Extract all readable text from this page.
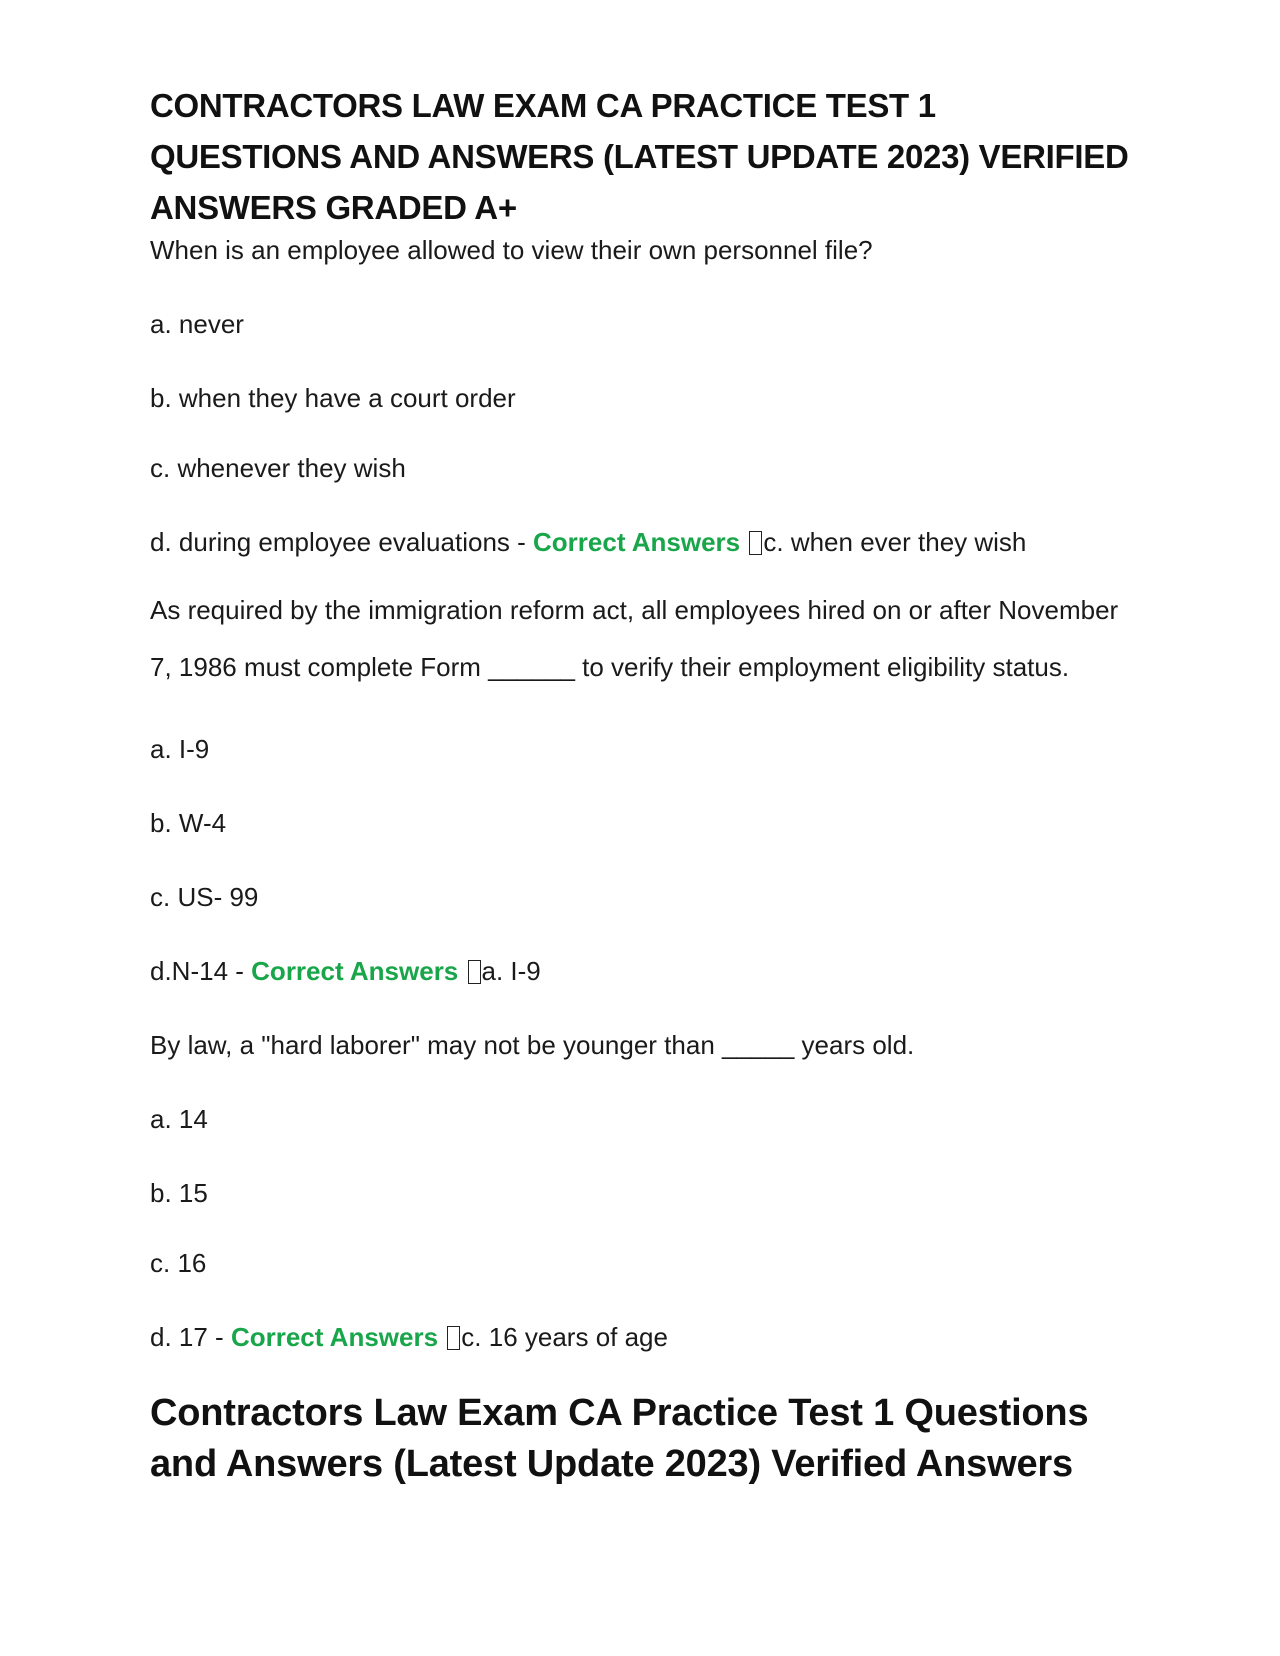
CONTRACTORS LAW EXAM CA PRACTICE TEST 1 QUESTIONS AND ANSWERS (LATEST UPDATE 2023) VERIFIED ANSWERS GRADED A+

When is an employee allowed to view their own personnel file?

a. never

b. when they have a court order

c. whenever they wish

d. during employee evaluations - Correct Answers c. when ever they wish

As required by the immigration reform act, all employees hired on or after November 7, 1986 must complete Form ______ to verify their employment eligibility status.

a. I-9

b. W-4

c. US- 99

d.N-14 - Correct Answers a. I-9

By law, a "hard laborer" may not be younger than _____ years old.

a. 14

b. 15

c. 16

d. 17 - Correct Answers c. 16 years of age

Contractors Law Exam CA Practice Test 1 Questions and Answers (Latest Update 2023) Verified Answers
